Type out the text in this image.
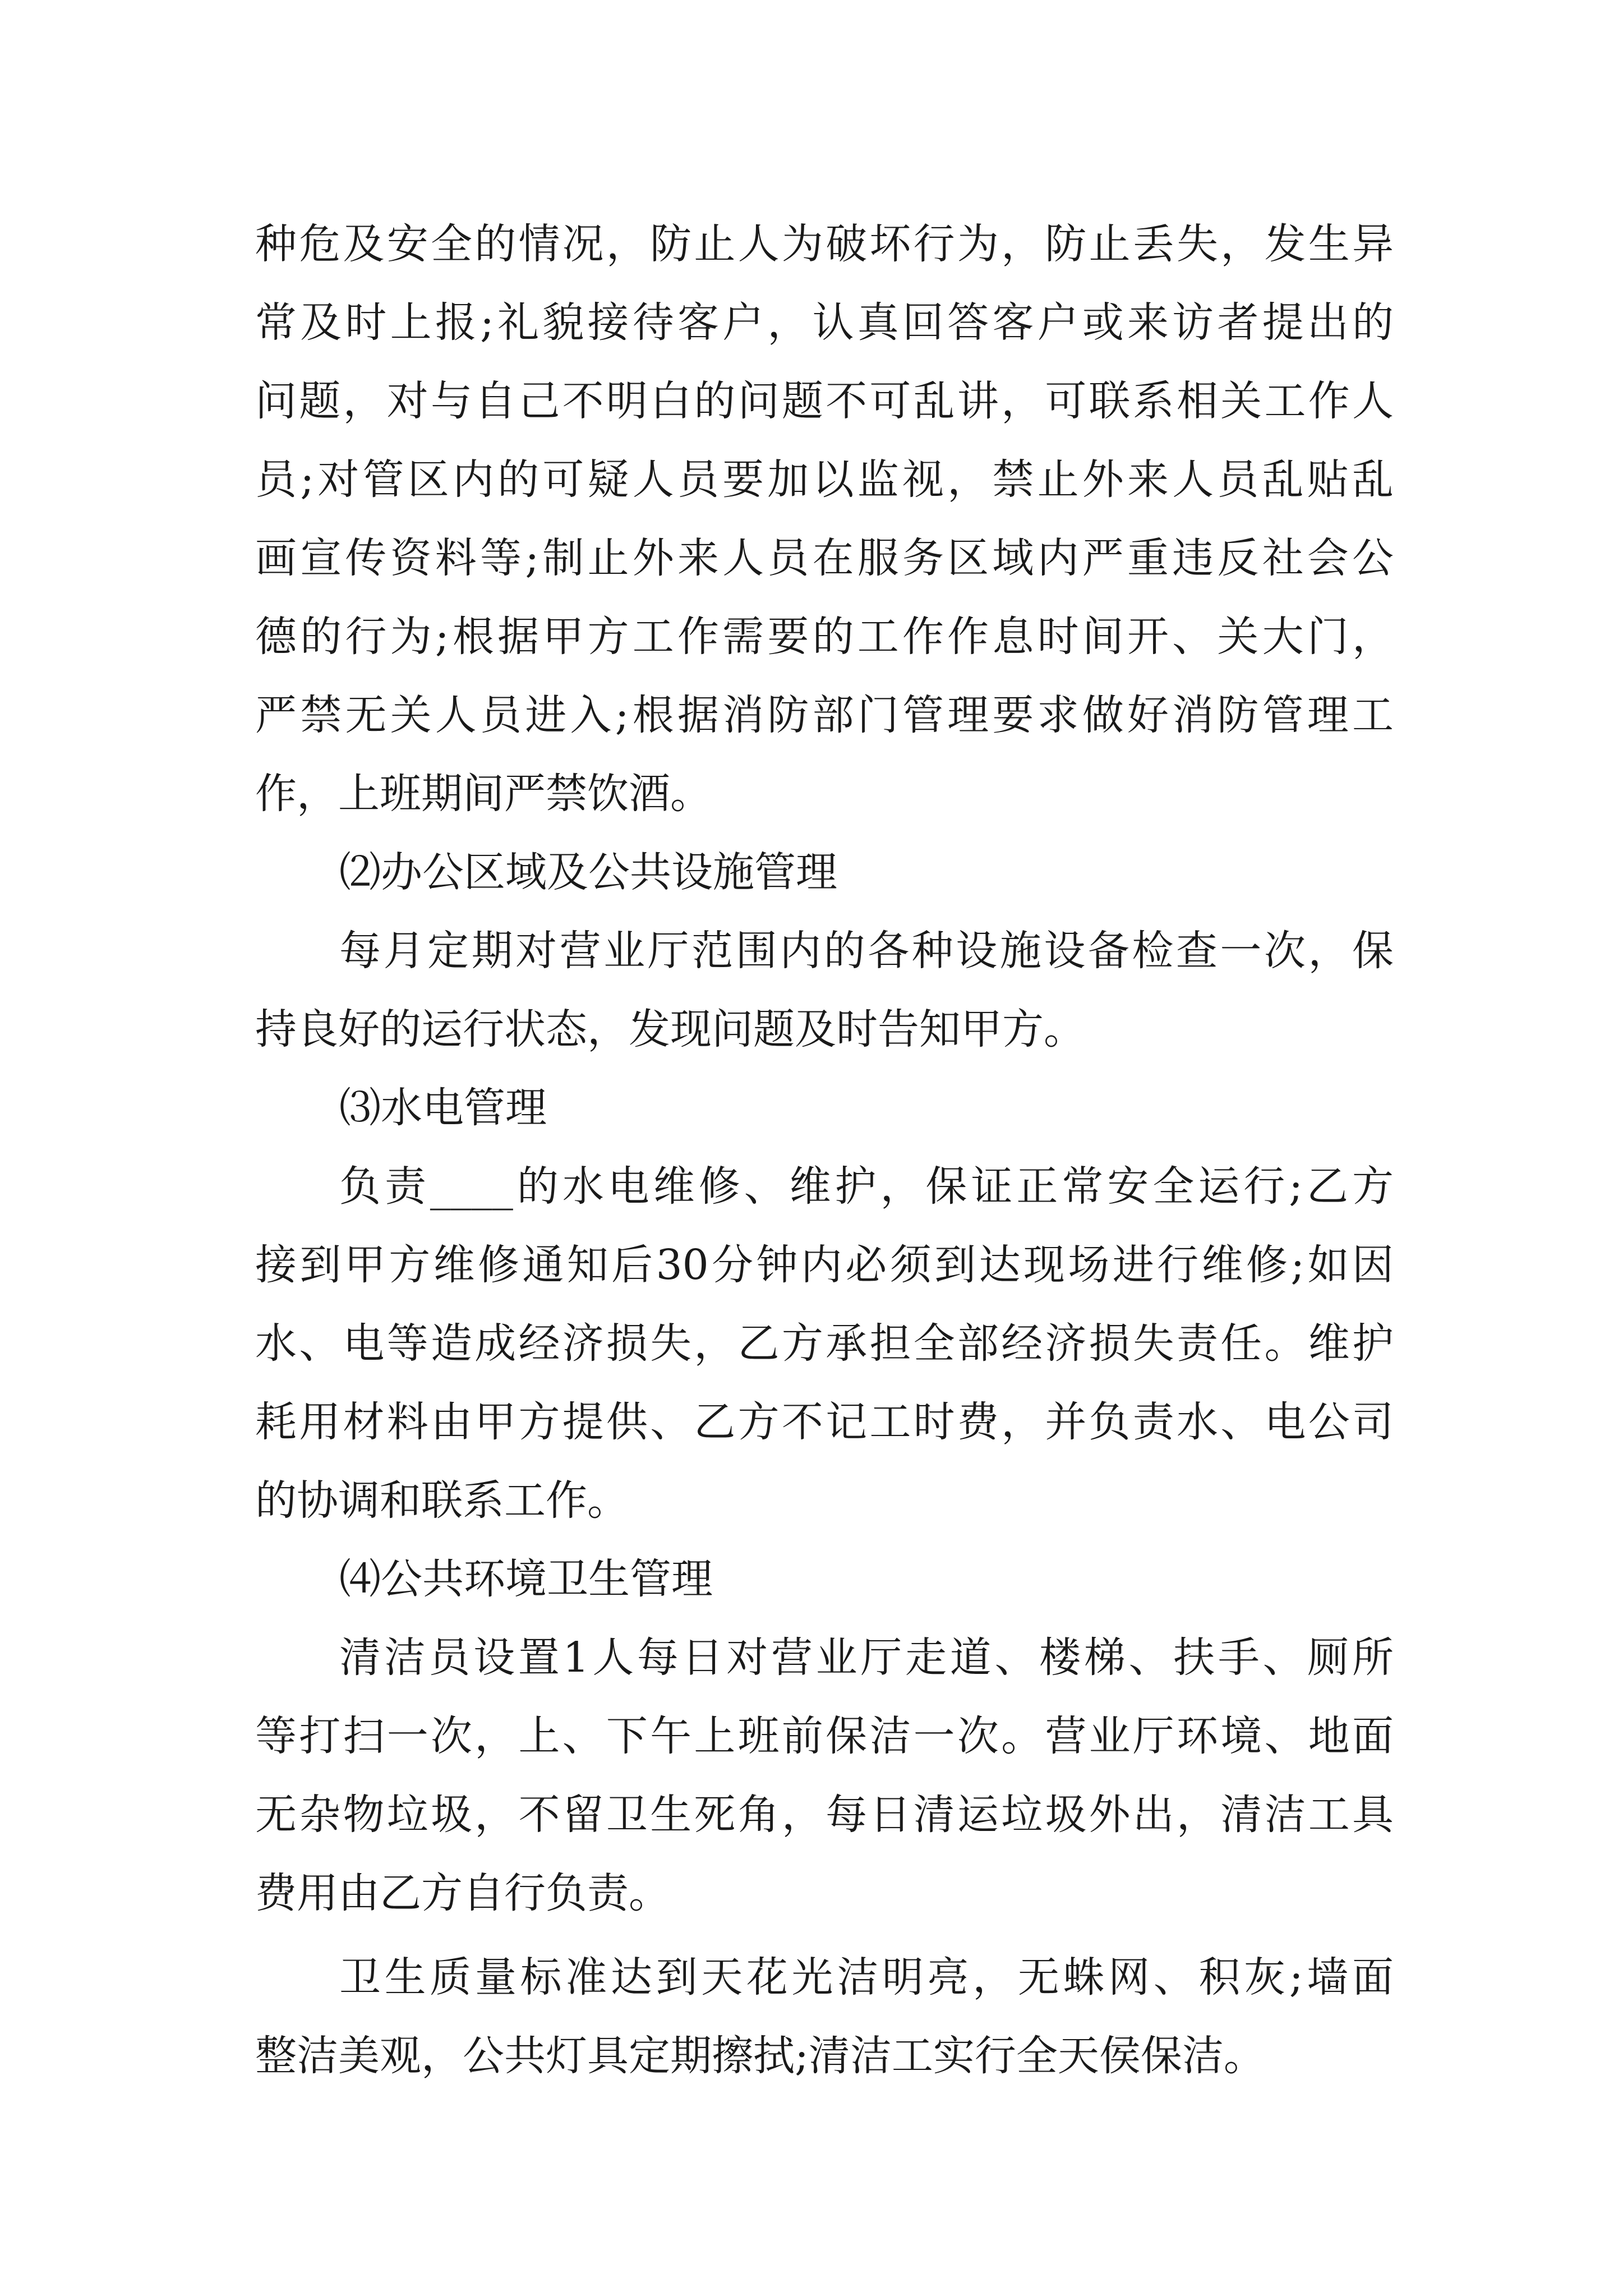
种危及安全的情况，防止人为破坏行为，防止丢失，发生异
常及时上报;礼貌接待客户，认真回答客户或来访者提出的
问题，对与自己不明白的问题不可乱讲，可联系相关工作人
员;对管区内的可疑人员要加以监视，禁止外来人员乱贴乱
画宣传资料等;制止外来人员在服务区域内严重违反社会公
德的行为;根据甲方工作需要的工作作息时间开、关大门，
严禁无关人员进入;根据消防部门管理要求做好消防管理工
作，上班期间严禁饮酒。
⑵办公区域及公共设施管理
每月定期对营业厅范围内的各种设施设备检查一次，保
持良好的运行状态，发现问题及时告知甲方。
⑶水电管理
负责____的水电维修、维护，保证正常安全运行;乙方
接到甲方维修通知后30分钟内必须到达现场进行维修;如因
水、电等造成经济损失，乙方承担全部经济损失责任。维护
耗用材料由甲方提供、乙方不记工时费，并负责水、电公司
的协调和联系工作。
⑷公共环境卫生管理
清洁员设置1人每日对营业厅走道、楼梯、扶手、厕所
等打扫一次，上、下午上班前保洁一次。营业厅环境、地面
无杂物垃圾，不留卫生死角，每日清运垃圾外出，清洁工具
费用由乙方自行负责。
卫生质量标准达到天花光洁明亮，无蛛网、积灰;墙面
整洁美观，公共灯具定期擦拭;清洁工实行全天侯保洁。
